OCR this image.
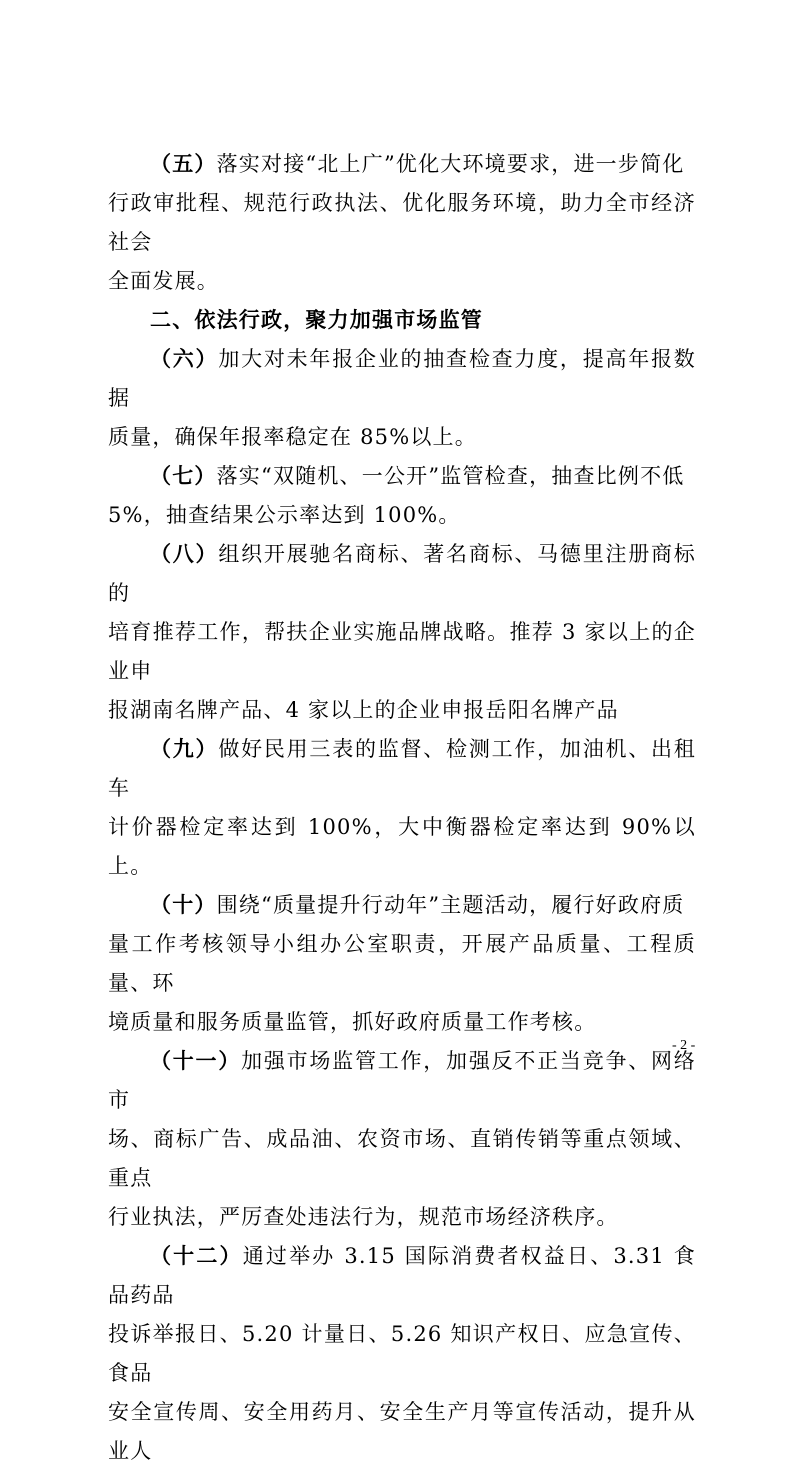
（五）落实对接“北上广”优化大环境要求，进一步简化
行政审批程、规范行政执法、优化服务环境，助力全市经济社会
全面发展。

二、依法行政，聚力加强市场监管

（六）加大对未年报企业的抽查检查力度，提高年报数据
质量，确保年报率稳定在 85%以上。

（七）落实“双随机、一公开”监管检查，抽查比例不低
5%，抽查结果公示率达到 100%。

（八）组织开展驰名商标、著名商标、马德里注册商标的
培育推荐工作，帮扶企业实施品牌战略。推荐 3 家以上的企业申
报湖南名牌产品、4 家以上的企业申报岳阳名牌产品

（九）做好民用三表的监督、检测工作，加油机、出租车
计价器检定率达到 100%，大中衡器检定率达到 90%以上。

（十）围绕“质量提升行动年”主题活动，履行好政府质
量工作考核领导小组办公室职责，开展产品质量、工程质量、环
境质量和服务质量监管，抓好政府质量工作考核。

（十一）加强市场监管工作，加强反不正当竞争、网络市
场、商标广告、成品油、农资市场、直销传销等重点领域、重点
行业执法，严厉查处违法行为，规范市场经济秩序。

（十二）通过举办 3.15 国际消费者权益日、3.31 食品药品
投诉举报日、5.20 计量日、5.26 知识产权日、应急宣传、食品
安全宣传周、安全用药月、安全生产月等宣传活动，提升从业人

- 2 -
